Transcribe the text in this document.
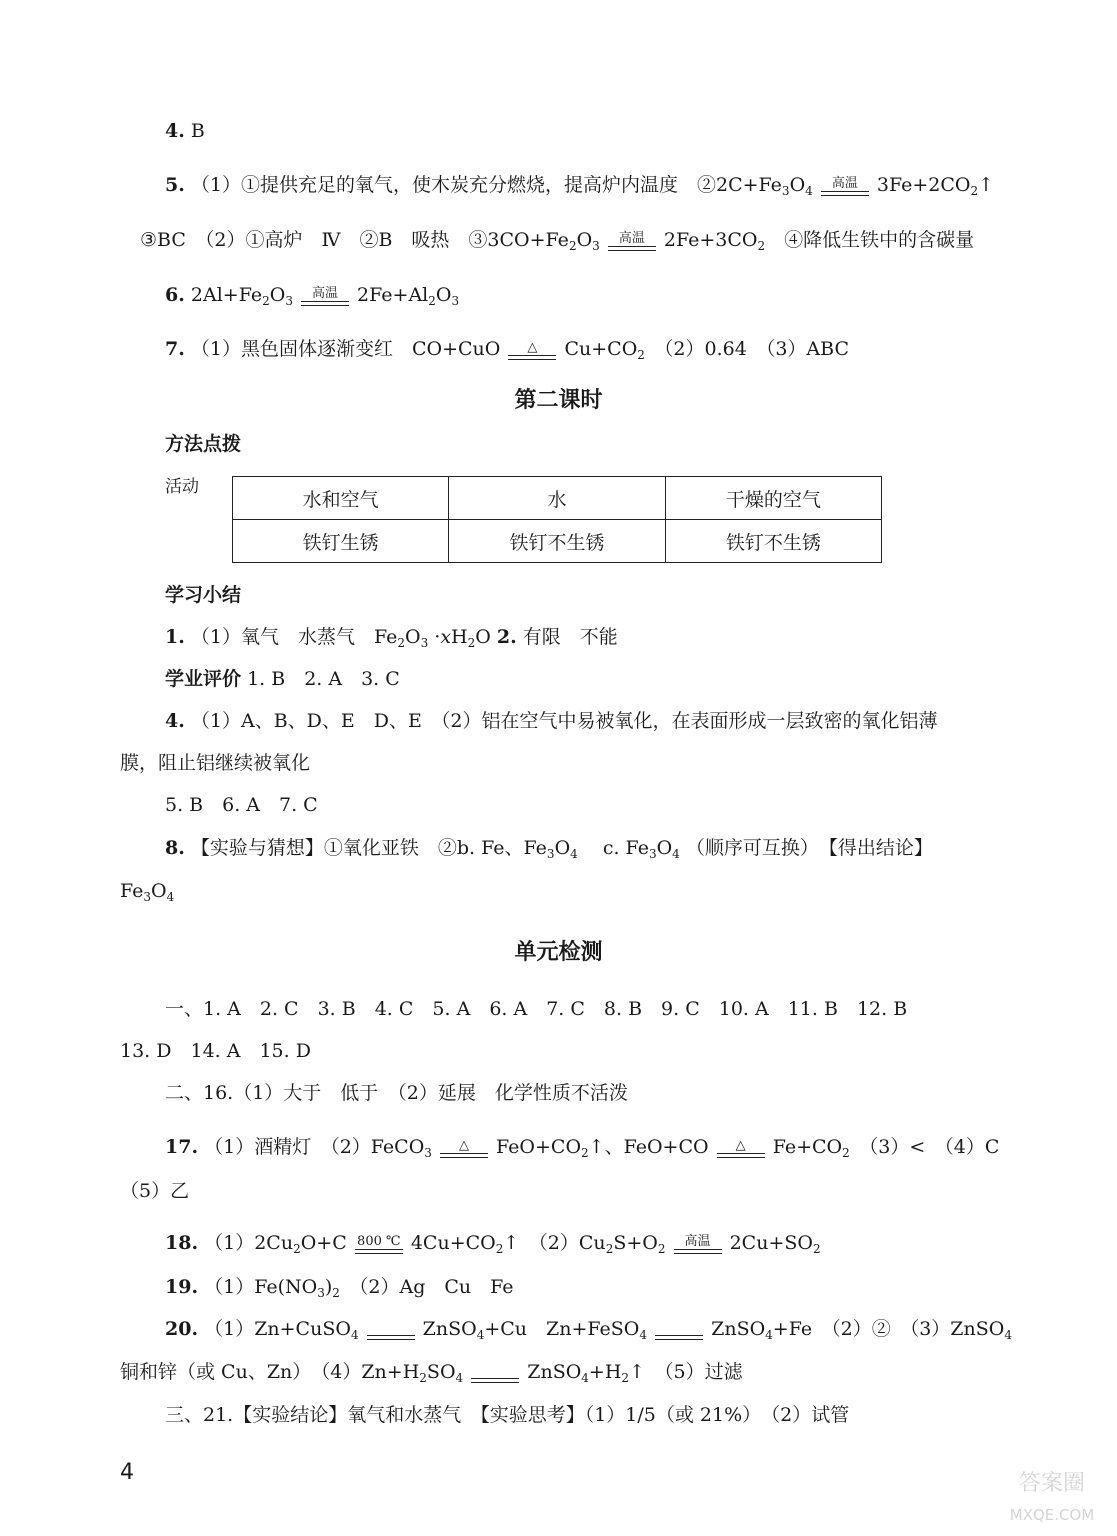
4. B
5. （1）①提供充足的氧气，使木炭充分燃烧，提高炉内温度　$②2C+Fe_3O_4$
高温	$3Fe+2CO_2↑$
③BC　（2）①高炉　Ⅳ　②B　吸热　$③3CO+Fe_2O_3$
高温	$2Fe+3CO_2$　④降低生铁中的含碳量
6. $2Al+Fe_2O_3$
高温	$2Fe+Al_2O_3$
7. （1）黑色固体逐渐变红　CO+CuO	△	$Cu+CO_2$　（2）0.64　（3）ABC
第二课时
方法点拨
活动
水和空气	水	干燥的空气
铁钉生锈	铁钉不生锈	铁钉不生锈
学习小结
1. （1）氧气　水蒸气　$Fe_2O_3 \cdot xH_2O$ 2. 有限　不能
学业评价 1. B　2. A　3. C
4. （1）A、B、D、E　D、E　（2）铝在空气中易被氧化，在表面形成一层致密的氧化铝薄
膜，阻止铝继续被氧化
5. B　6. A　7. C
8. 【实验与猜想】①氧化亚铁　②b. Fe、$Fe_3O_4$ 　c. $Fe_3O_4$ （顺序可互换）　【得出结论】
$Fe_3O_4$
单元检测
一、1. A　2. C　3. B　4. C　5. A　6. A　7. C　8. B　9. C　10. A　11. B　12. B
13. D　14. A　15. D
二、16.（1）大于　低于　（2）延展　化学性质不活泼
17. （1）酒精灯　（2）FeCO$_3$
△	$FeO+CO_2↑$、FeO+CO	△	$Fe+CO_2$　（3）<　（4）C
（5）乙
18. $(1)2Cu_2O+C$ 800 ℃ $4Cu+CO_2↑$　$(2)Cu_2S+O_2$
高温	$2Cu+SO_2$
19. $(1)Fe(NO_3)_2$　（2）Ag　Cu　Fe
20. （1）Zn+CuSO$_4$	ZnSO$_4$+Cu　Zn+FeSO$_4$	ZnSO$_4$+Fe　（2）②　（3）ZnSO$_4$
铜和锌（或 Cu、Zn）　$(4)Zn+H_2SO_4$	$ZnSO_4+H_2↑$　（5）过滤
三、21.【实验结论】氧气和水蒸气　【实验思考】（1）1/5（或 21%）　（2）试管
4	答案圈
MXQE.COM
